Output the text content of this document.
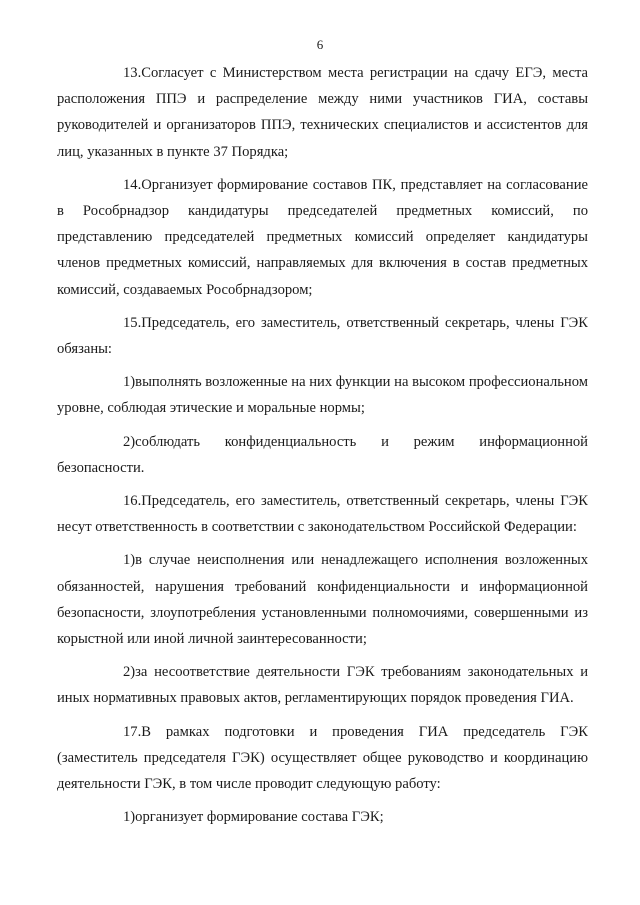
6

13.Согласует с Министерством места регистрации на сдачу ЕГЭ, места расположения ППЭ и распределение между ними участников ГИА, составы руководителей и организаторов ППЭ, технических специалистов и ассистентов для лиц, указанных в пункте 37 Порядка;

14.Организует формирование составов ПК, представляет на согласование в Рособрнадзор кандидатуры председателей предметных комиссий, по представлению председателей предметных комиссий определяет кандидатуры членов предметных комиссий, направляемых для включения в состав предметных комиссий, создаваемых Рособрнадзором;

15.Председатель, его заместитель, ответственный секретарь, члены ГЭК обязаны:

1)выполнять возложенные на них функции на высоком профессиональном уровне, соблюдая этические и моральные нормы;

2)соблюдать конфиденциальность и режим информационной безопасности.

16.Председатель, его заместитель, ответственный секретарь, члены ГЭК несут ответственность в соответствии с законодательством Российской Федерации:

1)в случае неисполнения или ненадлежащего исполнения возложенных обязанностей, нарушения требований конфиденциальности и информационной безопасности, злоупотребления установленными полномочиями, совершенными из корыстной или иной личной заинтересованности;

2)за несоответствие деятельности ГЭК требованиям законодательных и иных нормативных правовых актов, регламентирующих порядок проведения ГИА.

17.В рамках подготовки и проведения ГИА председатель ГЭК (заместитель председателя ГЭК) осуществляет общее руководство и координацию деятельности ГЭК, в том числе проводит следующую работу:

1)организует формирование состава ГЭК;
